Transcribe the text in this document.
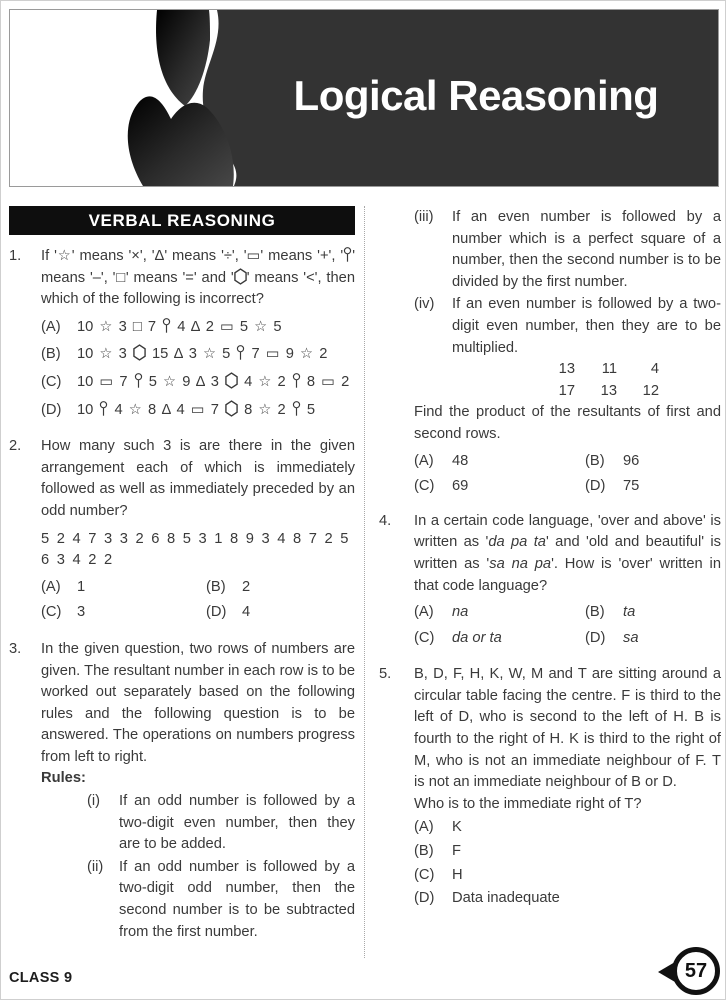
Logical Reasoning
VERBAL REASONING
1.	If '☆' means '×', 'Δ' means '÷', '▭' means '+', ' ' means '–', '□' means '=' and ' ' means '<', then which of the following is incorrect?
(A)	10 ☆ 3 □ 7  4 Δ 2 ▭ 5 ☆ 5
(B)	10 ☆ 3  15 Δ 3 ☆ 5  7 ▭ 9 ☆ 2
(C)	10 ▭ 7  5 ☆ 9 Δ 3  4 ☆ 2  8 ▭ 2
(D)	10  4 ☆ 8 Δ 4 ▭ 7  8 ☆ 2  5
2.	How many such 3 is are there in the given arrangement each of which is immediately followed as well as immediately preceded by an odd number?
5 2 4 7 3 3 2 6 8 5 3 1 8 9 3 4 8 7 2 5
6 3 4 2 2
(A)	1	(B)	2
(C)	3	(D)	4
3.	In the given question, two rows of numbers are given. The resultant number in each row is to be worked out separately based on the following rules and the following question is to be answered. The operations on numbers progress from left to right.
Rules:
(i)	If an odd number is followed by a two-digit even number, then they are to be added.
(ii)	If an odd number is followed by a two-digit odd number, then the second number is to be subtracted from the first number.
(iii)	If an even number is followed by a number which is a perfect square of a number, then the second number is to be divided by the first number.
(iv)	If an even number is followed by a two-digit even number, then they are to be multiplied.
13	11	4
17	13	12
Find the product of the resultants of first and second rows.
(A)	48	(B)	96
(C)	69	(D)	75
4.	In a certain code language, 'over and above' is written as 'da pa ta' and 'old and beautiful' is written as 'sa na pa'. How is 'over' written in that code language?
(A)	na	(B)	ta
(C)	da or ta	(D)	sa
5.	B, D, F, H, K, W, M and T are sitting around a circular table facing the centre. F is third to the left of D, who is second to the left of H. B is fourth to the right of H. K is third to the right of M, who is not an immediate neighbour of F. T is not an immediate neighbour of B or D.
Who is to the immediate right of T?
(A)	K
(B)	F
(C)	H
(D)	Data inadequate
CLASS 9	57
